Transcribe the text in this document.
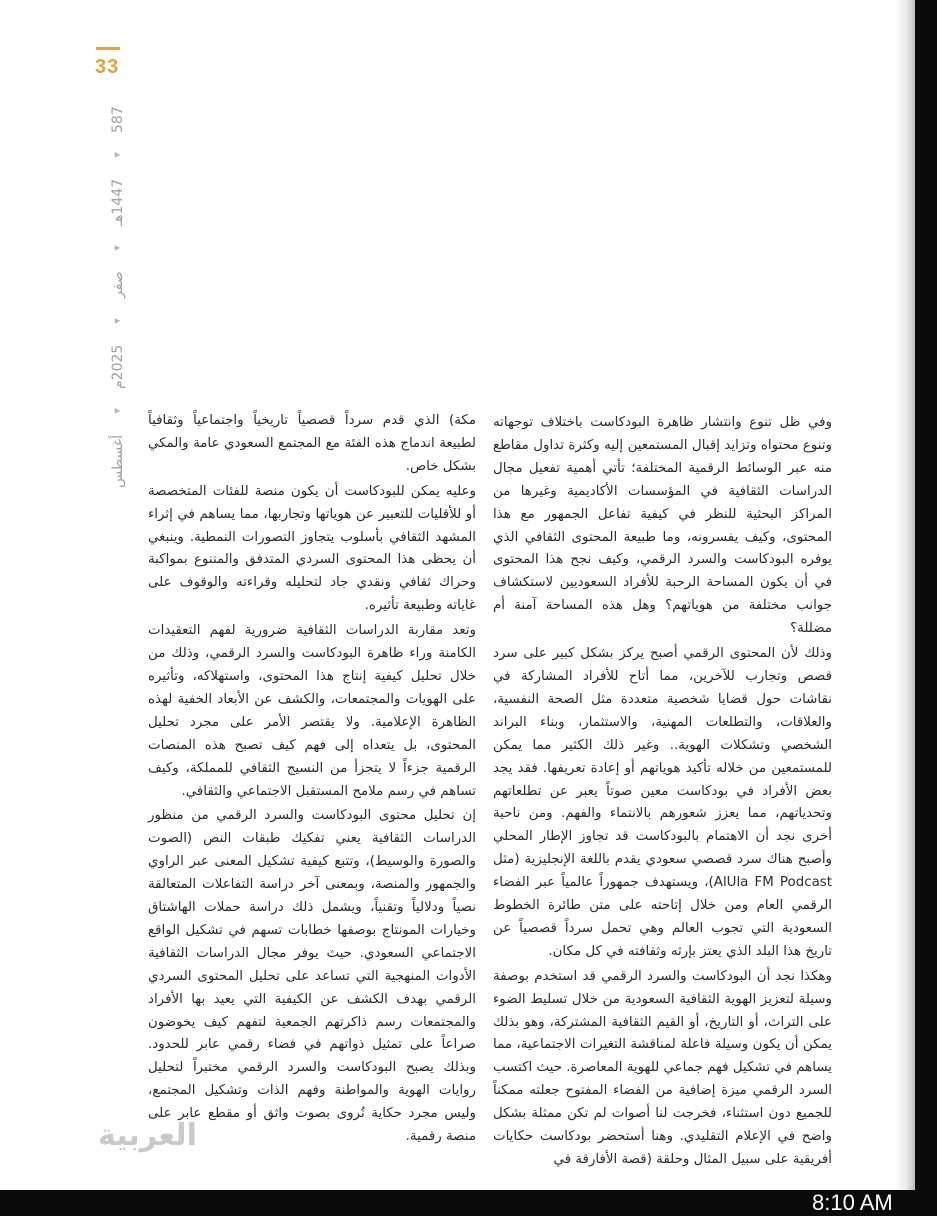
33
587 ◂ 1447هـ ◂ صفر ◂ 2025م ◂ أغسطس

وفي ظل تنوع وانتشار ظاهرة البودكاست باختلاف توجهاته وتنوع محتواه وتزايد إقبال المستمعين إليه وكثرة تداول مقاطع منه عبر الوسائط الرقمية المختلفة؛ تأتي أهمية تفعيل مجال الدراسات الثقافية في المؤسسات الأكاديمية وغيرها من المراكز البحثية للنظر في كيفية تفاعل الجمهور مع هذا المحتوى، وكيف يفسرونه، وما طبيعة المحتوى الثقافي الذي يوفره البودكاست والسرد الرقمي، وكيف نجح هذا المحتوى في أن يكون المساحة الرحبة للأفراد السعوديين لاستكشاف جوانب مختلفة من هوياتهم؟ وهل هذه المساحة آمنة أم مضللة؟

وذلك لأن المحتوى الرقمي أصبح يركز بشكل كبير على سرد قصص وتجارب للآخرين، مما أتاح للأفراد المشاركة في نقاشات حول قضايا شخصية متعددة مثل الصحة النفسية، والعلاقات، والتطلعات المهنية، والاستثمار، وبناء البراند الشخصي وتشكلات الهوية.. وغير ذلك الكثير مما يمكن للمستمعين من خلاله تأكيد هوياتهم أو إعادة تعريفها. فقد يجد بعض الأفراد في بودكاست معين صوتاً يعبر عن تطلعاتهم وتحدياتهم، مما يعزز شعورهم بالانتماء والفهم. ومن ناحية أخرى نجد أن الاهتمام بالبودكاست قد تجاوز الإطار المحلي وأصبح هناك سرد قصصي سعودي يقدم باللغة الإنجليزية (مثل AlUla FM Podcast)، ويستهدف جمهوراً عالمياً عبر الفضاء الرقمي العام ومن خلال إتاحته على متن طائرة الخطوط السعودية التي تجوب العالم وهي تحمل سرداً قصصياً عن تاريخ هذا البلد الذي يعتز بإرثه وثقافته في كل مكان.

وهكذا نجد أن البودكاست والسرد الرقمي قد استخدم بوصفة وسيلة لتعزيز الهوية الثقافية السعودية من خلال تسليط الضوء على التراث، أو التاريخ، أو القيم الثقافية المشتركة، وهو بذلك يمكن أن يكون وسيلة فاعلة لمناقشة التغيرات الاجتماعية، مما يساهم في تشكيل فهم جماعي للهوية المعاصرة. حيث اكتسب السرد الرقمي ميزة إضافية من الفضاء المفتوح جعلته ممكناً للجميع دون استثناء، فخرجت لنا أصوات لم تكن ممثلة بشكل واضح في الإعلام التقليدي. وهنا أستحضر بودكاست حكايات أفريقية على سبيل المثال وحلقة (قصة الأفارقة في

مكة) الذي قدم سرداً قصصياً تاريخياً واجتماعياً وثقافياً لطبيعة اندماج هذه الفئة مع المجتمع السعودي عامة والمكي بشكل خاص.

وعليه يمكن للبودكاست أن يكون منصة للفئات المتخصصة أو للأقليات للتعبير عن هوياتها وتجاربها، مما يساهم في إثراء المشهد الثقافي بأسلوب يتجاوز التصورات النمطية. وينبغي أن يحظى هذا المحتوى السردي المتدفق والمتنوع بمواكبة وحراك ثقافي ونقدي جاد لتحليله وقراءته والوقوف على غاياته وطبيعة تأثيره.

وتعد مقاربة الدراسات الثقافية ضرورية لفهم التعقيدات الكامنة وراء ظاهرة البودكاست والسرد الرقمي، وذلك من خلال تحليل كيفية إنتاج هذا المحتوى، واستهلاكه، وتأثيره على الهويات والمجتمعات، والكشف عن الأبعاد الخفية لهذه الظاهرة الإعلامية. ولا يقتصر الأمر على مجرد تحليل المحتوى، بل يتعداه إلى فهم كيف تصبح هذه المنصات الرقمية جزءاً لا يتجزأ من النسيج الثقافي للمملكة، وكيف تساهم في رسم ملامح المستقبل الاجتماعي والثقافي.

إن تحليل محتوى البودكاست والسرد الرقمي من منظور الدراسات الثقافية يعني تفكيك طبقات النص (الصوت والصورة والوسيط)، وتتبع كيفية تشكيل المعنى عبر الراوي والجمهور والمنصة، وبمعنى آخر دراسة التفاعلات المتعالقة نصياً ودلالياً وتقنياً، ويشمل ذلك دراسة حملات الهاشتاق وخيارات المونتاج بوصفها خطابات تسهم في تشكيل الواقع الاجتماعي السعودي. حيث يوفر مجال الدراسات الثقافية الأدوات المنهجية التي تساعد على تحليل المحتوى السردي الرقمي بهدف الكشف عن الكيفية التي يعيد بها الأفراد والمجتمعات رسم ذاكرتهم الجمعية لتفهم كيف يخوضون صراعاً على تمثيل ذواتهم في فضاء رقمي عابر للحدود. وبذلك يصبح البودكاست والسرد الرقمي مختبراً لتحليل روايات الهوية والمواطنة وفهم الذات وتشكيل المجتمع، وليس مجرد حكاية تُروى بصوت واثق أو مقطع عابر على منصة رقمية.

العربية
8:10 AM
